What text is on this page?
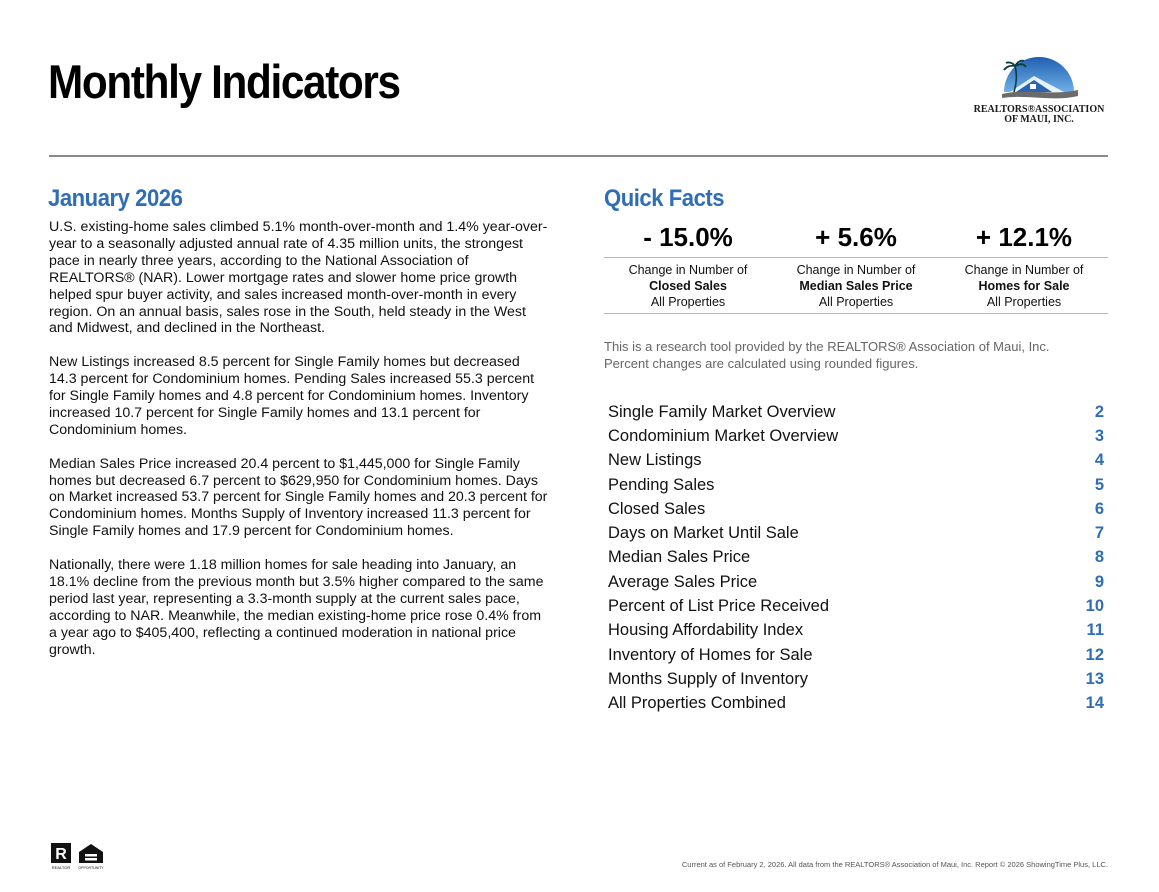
Monthly Indicators
REALTORS®ASSOCIATION
OF MAUI, INC.
January 2026

U.S. existing-home sales climbed 5.1% month-over-month and 1.4% year-over-year to a seasonally adjusted annual rate of 4.35 million units, the strongest pace in nearly three years, according to the National Association of REALTORS® (NAR). Lower mortgage rates and slower home price growth helped spur buyer activity, and sales increased month-over-month in every region. On an annual basis, sales rose in the South, held steady in the West and Midwest, and declined in the Northeast.

New Listings increased 8.5 percent for Single Family homes but decreased 14.3 percent for Condominium homes. Pending Sales increased 55.3 percent for Single Family homes and 4.8 percent for Condominium homes. Inventory increased 10.7 percent for Single Family homes and 13.1 percent for Condominium homes.

Median Sales Price increased 20.4 percent to $1,445,000 for Single Family homes but decreased 6.7 percent to $629,950 for Condominium homes. Days on Market increased 53.7 percent for Single Family homes and 20.3 percent for Condominium homes. Months Supply of Inventory increased 11.3 percent for Single Family homes and 17.9 percent for Condominium homes.

Nationally, there were 1.18 million homes for sale heading into January, an 18.1% decline from the previous month but 3.5% higher compared to the same period last year, representing a 3.3-month supply at the current sales pace, according to NAR. Meanwhile, the median existing-home price rose 0.4% from a year ago to $405,400, reflecting a continued moderation in national price growth.

Quick Facts
- 15.0%	+ 5.6%	+ 12.1%
Change in Number of
Closed Sales
All Properties
Change in Number of
Median Sales Price
All Properties
Change in Number of
Homes for Sale
All Properties
This is a research tool provided by the REALTORS® Association of Maui, Inc.
Percent changes are calculated using rounded figures.
Single Family Market Overview	2
Condominium Market Overview	3
New Listings	4
Pending Sales	5
Closed Sales	6
Days on Market Until Sale	7
Median Sales Price	8
Average Sales Price	9
Percent of List Price Received	10
Housing Affordability Index	11
Inventory of Homes for Sale	12
Months Supply of Inventory	13
All Properties Combined	14
R
REALTOR OPPORTUNITY	Current as of February 2, 2026. All data from the REALTORS® Association of Maui, Inc. Report © 2026 ShowingTime Plus, LLC.
